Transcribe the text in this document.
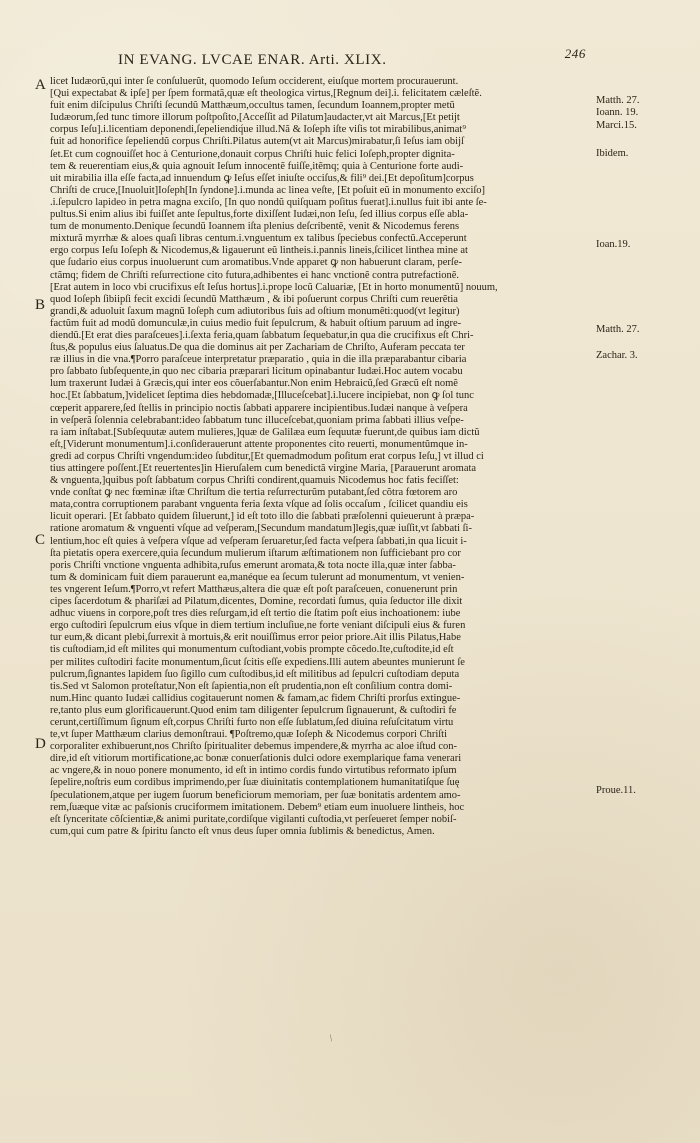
IN EVANG. LVCAE ENAR. Arti. XLIX.	246
A
B
C
D
Matth. 27.
Ioann. 19.
Marci.15.
Ibidem.
Ioan.19.
Matth. 27.
Zachar. 3.
Proue.11.
licet Iudæorũ,qui inter ſe conſuluerũt, quomodo Ieſum occiderent, eiuſque mortem procurauerunt.
[Qui expectabat & ipſe] per ſpem formatã,quæ eſt theologica virtus,[Regnum dei].i. felicitatem cæleſtẽ.
fuit enim diſcipulus Chriſti ſecundũ Matthæum,occultus tamen, ſecundum Ioannem,propter metũ
Iudæorum,ſed tunc timore illorum poſtpoſito,[Acceſſit ad Pilatum]audacter,vt ait Marcus,[Et petijt
corpus Ieſu].i.licentiam deponendi,ſepeliendiq́ue illud.Nã & Ioſeph iſte viſis tot mirabilibus,animat⁹
fuit ad honorifice ſepeliendũ corpus Chriſti.Pilatus autem(vt ait Marcus)mirabatur,ſi Ieſus iam obijſ
ſet.Et cum cognouiſſet hoc à Centurione,donauit corpus Chriſti huic felici Ioſeph,propter dignita-
tem & reuerentiam eius,& quia agnouit Ieſum innocentẽ fuiſſe,itẽmq; quia à Centurione forte audi-
uit mirabilia illa eſſe facta,ad innuendum ꝙ Ieſus eſſet iniuſte occiſus,& fili⁹ dei.[Et depoſitum]corpus
Chriſti de cruce,[Inuoluit]Ioſeph[In ſyndone].i.munda ac linea veſte, [Et poſuit eũ in monumento exciſo]
.i.ſepulcro lapideo in petra magna exciſo, [In quo nondũ quiſquam poſitus fuerat].i.nullus fuit ibi ante ſe-
pultus.Si enim alius ibi fuiſſet ante ſepultus,forte dixiſſent Iudæi,non Ieſu, ſed illius corpus eſſe abla-
tum de monumento.Denique ſecundũ Ioannem iſta plenius deſcribentẽ, venit & Nicodemus ferens
mixturã myrrhæ & aloes quaſi libras centum.i.vnguentum ex talibus ſpeciebus confectũ.Acceperunt
ergo corpus Ieſu Ioſeph & Nicodemus,& ligauerunt eũ lintheis.i.pannis lineis,ſcilicet linthea mine at
que ſudario eius corpus inuoluerunt cum aromatibus.Vnde apparet ꝙ non habuerunt claram, perſe-
ctãmq; fidem de Chriſti reſurrectione cito futura,adhibentes ei hanc vnctionẽ contra putrefactionẽ.
[Erat autem in loco vbi crucifixus eſt Ieſus hortus].i.prope locũ Caluariæ, [Et in horto monumentũ] nouum,
quod Ioſeph ſibiipſi fecit excidi ſecundũ Matthæum , & ibi poſuerunt corpus Chriſti cum reuerẽtia
grandi,& aduoluit ſaxum magnũ Ioſeph cum adiutoribus ſuis ad oſtium monumẽti:quod(vt legitur)
factũm fuit ad modũ domunculæ,in cuius medio fuit ſepulcrum, & habuit oſtium paruum ad ingre-
diendũ.[Et erat dies paraſceues].i.ſexta feria,quam ſabbatum ſequebatur,in qua die crucifixus eſt Chri-
ſtus,& populus eius ſaluatus.De qua die dominus ait per Zachariam de Chriſto, Auferam peccata ter
ræ illius in die vna.¶Porro paraſceue interpretatur præparatio , quia in die illa præparabantur cibaria
pro ſabbato ſubſequente,in quo nec cibaria præparari licitum opinabantur Iudæi.Hoc autem vocabu
lum traxerunt Iudæi à Græcis,qui inter eos cõuerſabantur.Non enim Hebraicũ,ſed Græcũ eſt nomẽ
hoc.[Et ſabbatum,]videlicet ſeptima dies hebdomadæ,[Illuceſcebat].i.lucere incipiebat, non ꝙ ſol tunc
cœperit apparere,ſed ſtellis in principio noctis ſabbati apparere incipientibus.Iudæi nanque à veſpera
in veſperã ſolennia celebrabant:ideo ſabbatum tunc illuceſcebat,quoniam prima ſabbati illius veſpe-
ra iam inſtabat.[Subſequutæ autem mulieres,]quæ de Galilæa eum ſequutæ fuerunt,de quibus iam dictũ
eſt,[Viderunt monumentum].i.conſiderauerunt attente proponentes cito reuerti, monumentũmque in-
gredi ad corpus Chriſti vngendum:ideo ſubditur,[Et quemadmodum poſitum erat corpus Ieſu,] vt illud ci
tius attingere poſſent.[Et reuertentes]in Hieruſalem cum benedictã virgine Maria, [Parauerunt aromata
& vnguenta,]quibus poſt ſabbatum corpus Chriſti condirent,quamuis Nicodemus hoc fatis feciſſet:
vnde conſtat ꝙ nec fœminæ iſtæ Chriſtum die tertia reſurrecturũm putabant,ſed cõtra fœtorem aro
mata,contra corruptionem parabant vnguenta feria ſexta vſque ad ſolis occaſum , ſcilicet quandiu eis
licuit operari. [Et ſabbato quidem ſiluerunt,] id eſt toto illo die ſabbati præſolenni quieuerunt à præpa-
ratione aromatum & vnguenti vſque ad veſperam,[Secundum mandatum]legis,quæ iuſſit,vt ſabbati ſi-
lentium,hoc eſt quies à veſpera vſque ad veſperam ſeruaretur,ſed facta veſpera ſabbati,in qua licuit i-
ſta pietatis opera exercere,quia ſecundum mulierum iſtarum æſtimationem non ſufficiebant pro cor
poris Chriſti vnctione vnguenta adhibita,ruſus emerunt aromata,& tota nocte illa,quæ inter ſabba-
tum & dominicam fuit diem parauerunt ea,manéque ea ſecum tulerunt ad monumentum, vt venien-
tes vngerent Ieſum.¶Porro,vt refert Matthæus,altera die quæ eſt poſt paraſceuen, conuenerunt prin
cipes ſacerdotum & phariſæi ad Pilatum,dicentes, Domine, recordati ſumus, quia ſeductor ille dixit
adhuc viuens in corpore,poſt tres dies reſurgam,id eſt tertio die ſtatim poſt eius inchoationem: iube
ergo cuſtodiri ſepulcrum eius vſque in diem tertium incluſiue,ne forte veniant diſcipuli eius & furen
tur eum,& dicant plebi,ſurrexit à mortuis,& erit nouiſſimus error peior priore.Ait illis Pilatus,Habe
tis cuſtodiam,id eſt milites qui monumentum cuſtodiant,vobis prompte cõcedo.Ite,cuſtodite,id eſt
per milites cuſtodiri facite monumentum,ſicut ſcitis eſſe expediens.Illi autem abeuntes munierunt ſe
pulcrum,ſignantes lapidem ſuo ſigillo cum cuſtodibus,id eſt militibus ad ſepulcri cuſtodiam deputa
tis.Sed vt Salomon proteſtatur,Non eſt ſapientia,non eſt prudentia,non eſt conſilium contra domi-
num.Hinc quanto Iudæi callidius cogitauerunt nomen & famam,ac fidem Chriſti prorſus extingue-
re,tanto plus eum glorificauerunt.Quod enim tam diligenter ſepulcrum ſignauerunt, & cuſtodiri fe
cerunt,certiſſimum ſignum eſt,corpus Chriſti furto non eſſe ſublatum,ſed diuina reſuſcitatum virtu
te,vt ſuper Matthæum clarius demonſtraui. ¶Poſtremo,quæ Ioſeph & Nicodemus corpori Chriſti
corporaliter exhibuerunt,nos Chriſto ſpiritualiter debemus impendere,& myrrha ac aloe iſtud con-
dire,id eſt vitiorum mortificatione,ac bonæ conuerſationis dulci odore exemplarique fama venerari
ac vngere,& in nouo ponere monumento, id eſt in intimo cordis fundo virtutibus reformato ipſum
ſepelire,noſtris eum cordibus imprimendo,per ſuæ diuinitatis contemplationem humanitatiſque ſuę
ſpeculationem,atque per iugem ſuorum beneficiorum memoriam, per ſuæ bonitatis ardentem amo-
rem,ſuæque vitæ ac paſsionis cruciformem imitationem. Debem⁹ etiam eum inuoluere lintheis, hoc
eſt ſynceritate cõſcientiæ,& animi puritate,cordiſque vigilanti cuſtodia,vt perſeueret ſemper nobiſ-
cum,qui cum patre & ſpiritu ſancto eſt vnus deus ſuper omnia ſublimis & benedictus, Amen.
/
